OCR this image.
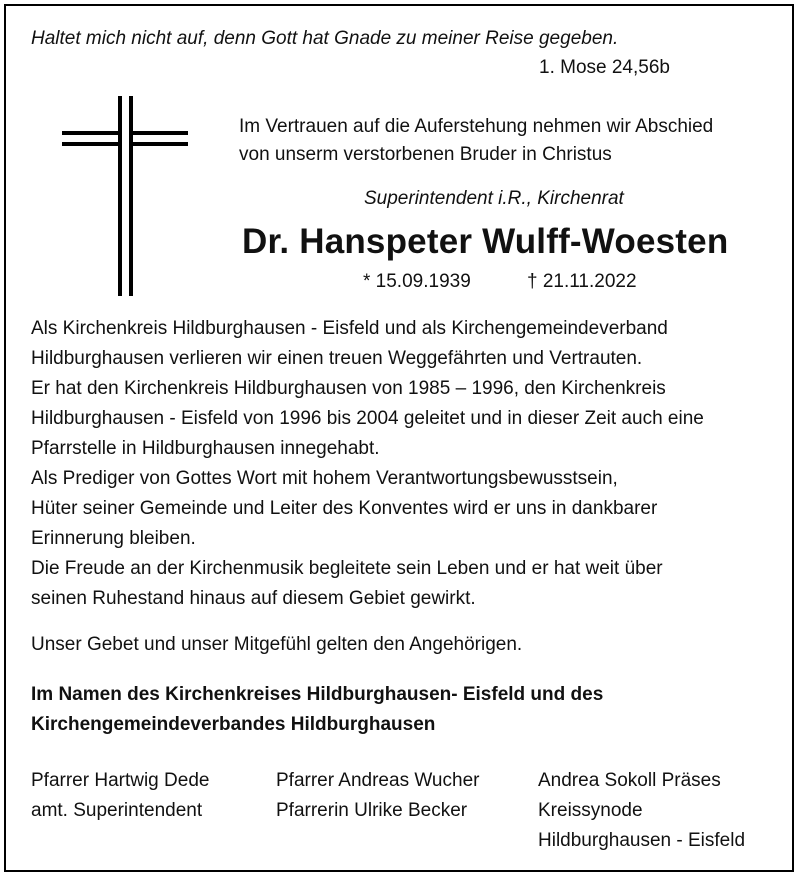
Haltet mich nicht auf, denn Gott hat Gnade zu meiner Reise gegeben.
1. Mose 24,56b
Im Vertrauen auf die Auferstehung nehmen wir Abschied
von unserm verstorbenen Bruder in Christus
Superintendent i.R., Kirchenrat
Dr. Hanspeter Wulff-Woesten
* 15.09.1939	† 21.11.2022
Als Kirchenkreis Hildburghausen - Eisfeld und als Kirchengemeindeverband
Hildburghausen verlieren wir einen treuen Weggefährten und Vertrauten.
Er hat den Kirchenkreis Hildburghausen von 1985 – 1996, den Kirchenkreis
Hildburghausen - Eisfeld von 1996 bis 2004 geleitet und in dieser Zeit auch eine
Pfarrstelle in Hildburghausen innegehabt.
Als Prediger von Gottes Wort mit hohem Verantwortungsbewusstsein,
Hüter seiner Gemeinde und Leiter des Konventes wird er uns in dankbarer
Erinnerung bleiben.
Die Freude an der Kirchenmusik begleitete sein Leben und er hat weit über
seinen Ruhestand hinaus auf diesem Gebiet gewirkt.
Unser Gebet und unser Mitgefühl gelten den Angehörigen.
Im Namen des Kirchenkreises Hildburghausen- Eisfeld und des
Kirchengemeindeverbandes Hildburghausen
Pfarrer Hartwig Dede
amt. Superintendent
Pfarrer Andreas Wucher
Pfarrerin Ulrike Becker
Andrea Sokoll Präses
Kreissynode
Hildburghausen - Eisfeld
